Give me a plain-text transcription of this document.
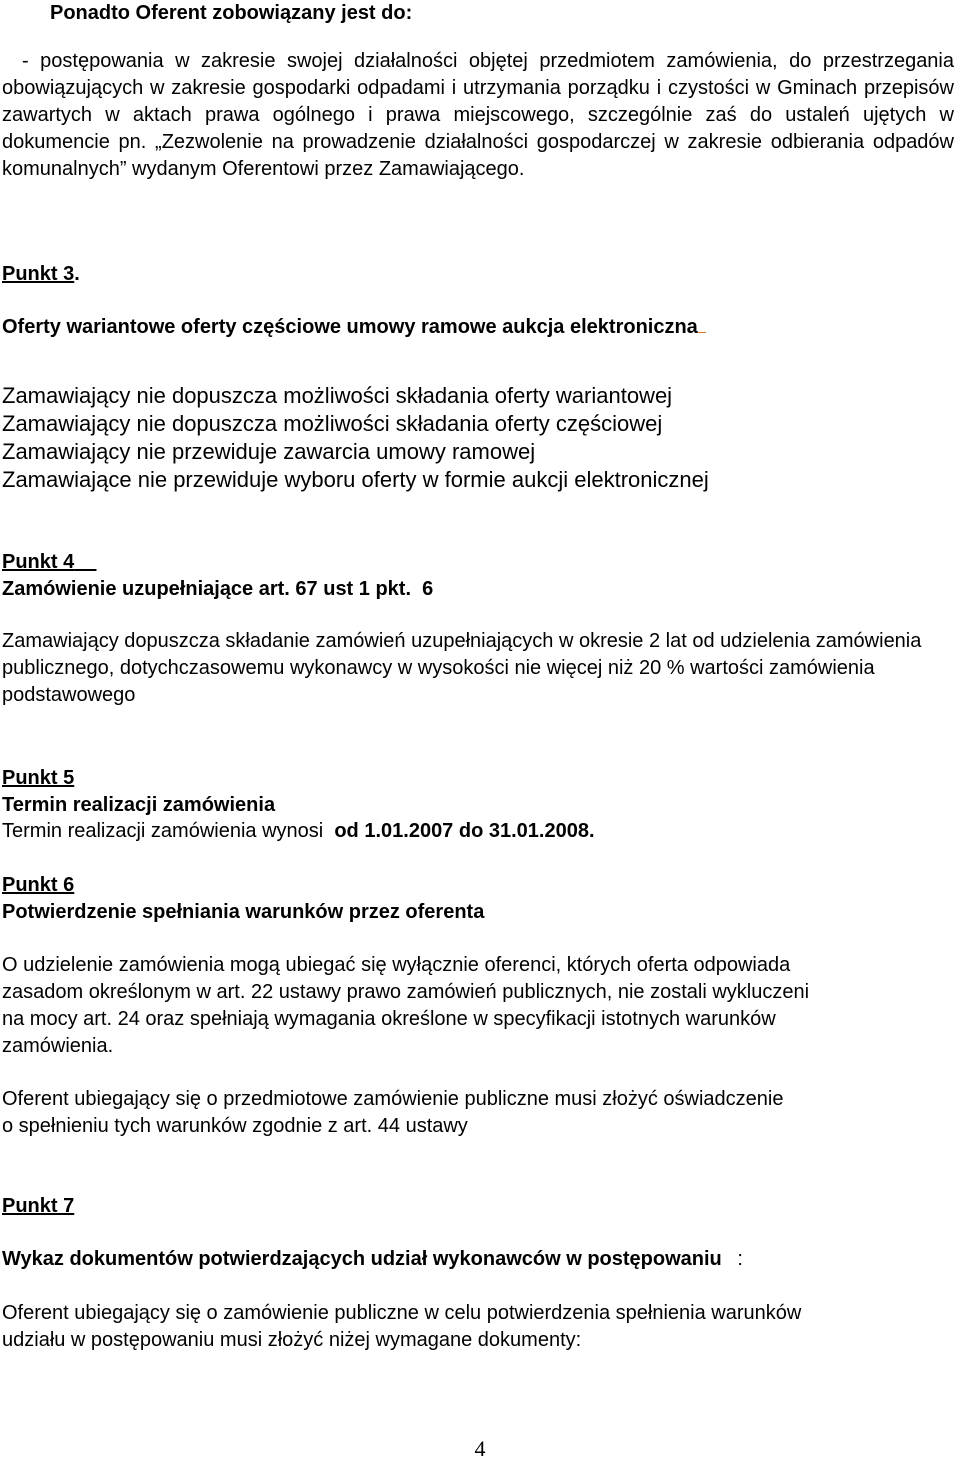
Ponadto Oferent zobowiązany jest do:

- postępowania w zakresie swojej działalności objętej przedmiotem zamówienia, do przestrzegania obowiązujących w zakresie gospodarki odpadami i utrzymania porządku i czystości w Gminach przepisów zawartych w aktach prawa ogólnego i prawa miejscowego, szczególnie zaś do ustaleń ujętych w dokumencie pn. „Zezwolenie na prowadzenie działalności gospodarczej w zakresie odbierania odpadów komunalnych” wydanym Oferentowi przez Zamawiającego.

Punkt 3.
Oferty wariantowe oferty częściowe umowy ramowe aukcja elektroniczna
Zamawiający nie dopuszcza możliwości składania oferty wariantowej
Zamawiający nie dopuszcza możliwości składania oferty częściowej
Zamawiający nie przewiduje zawarcia umowy ramowej
Zamawiające nie przewiduje wyboru oferty w formie aukcji elektronicznej
Punkt 4
Zamówienie uzupełniające art. 67 ust 1 pkt. 6

Zamawiający dopuszcza składanie zamówień uzupełniających w okresie 2 lat od udzielenia zamówienia publicznego, dotychczasowemu wykonawcy w wysokości nie więcej niż 20 % wartości zamówienia podstawowego

Punkt 5
Termin realizacji zamówienia
Termin realizacji zamówienia wynosi  od 1.01.2007 do 31.01.2008.
Punkt 6
Potwierdzenie spełniania warunków przez oferenta
O udzielenie zamówienia mogą ubiegać się wyłącznie oferenci, których oferta odpowiada
zasadom określonym w art. 22 ustawy prawo zamówień publicznych, nie zostali wykluczeni
na mocy art. 24 oraz spełniają wymagania określone w specyfikacji istotnych warunków
zamówienia.
Oferent ubiegający się o przedmiotowe zamówienie publiczne musi złożyć oświadczenie
o spełnieniu tych warunków zgodnie z art. 44 ustawy
Punkt 7
Wykaz dokumentów potwierdzających udział wykonawców w postępowaniu :
Oferent ubiegający się o zamówienie publiczne w celu potwierdzenia spełnienia warunków
udziału w postępowaniu musi złożyć niżej wymagane dokumenty:
4
